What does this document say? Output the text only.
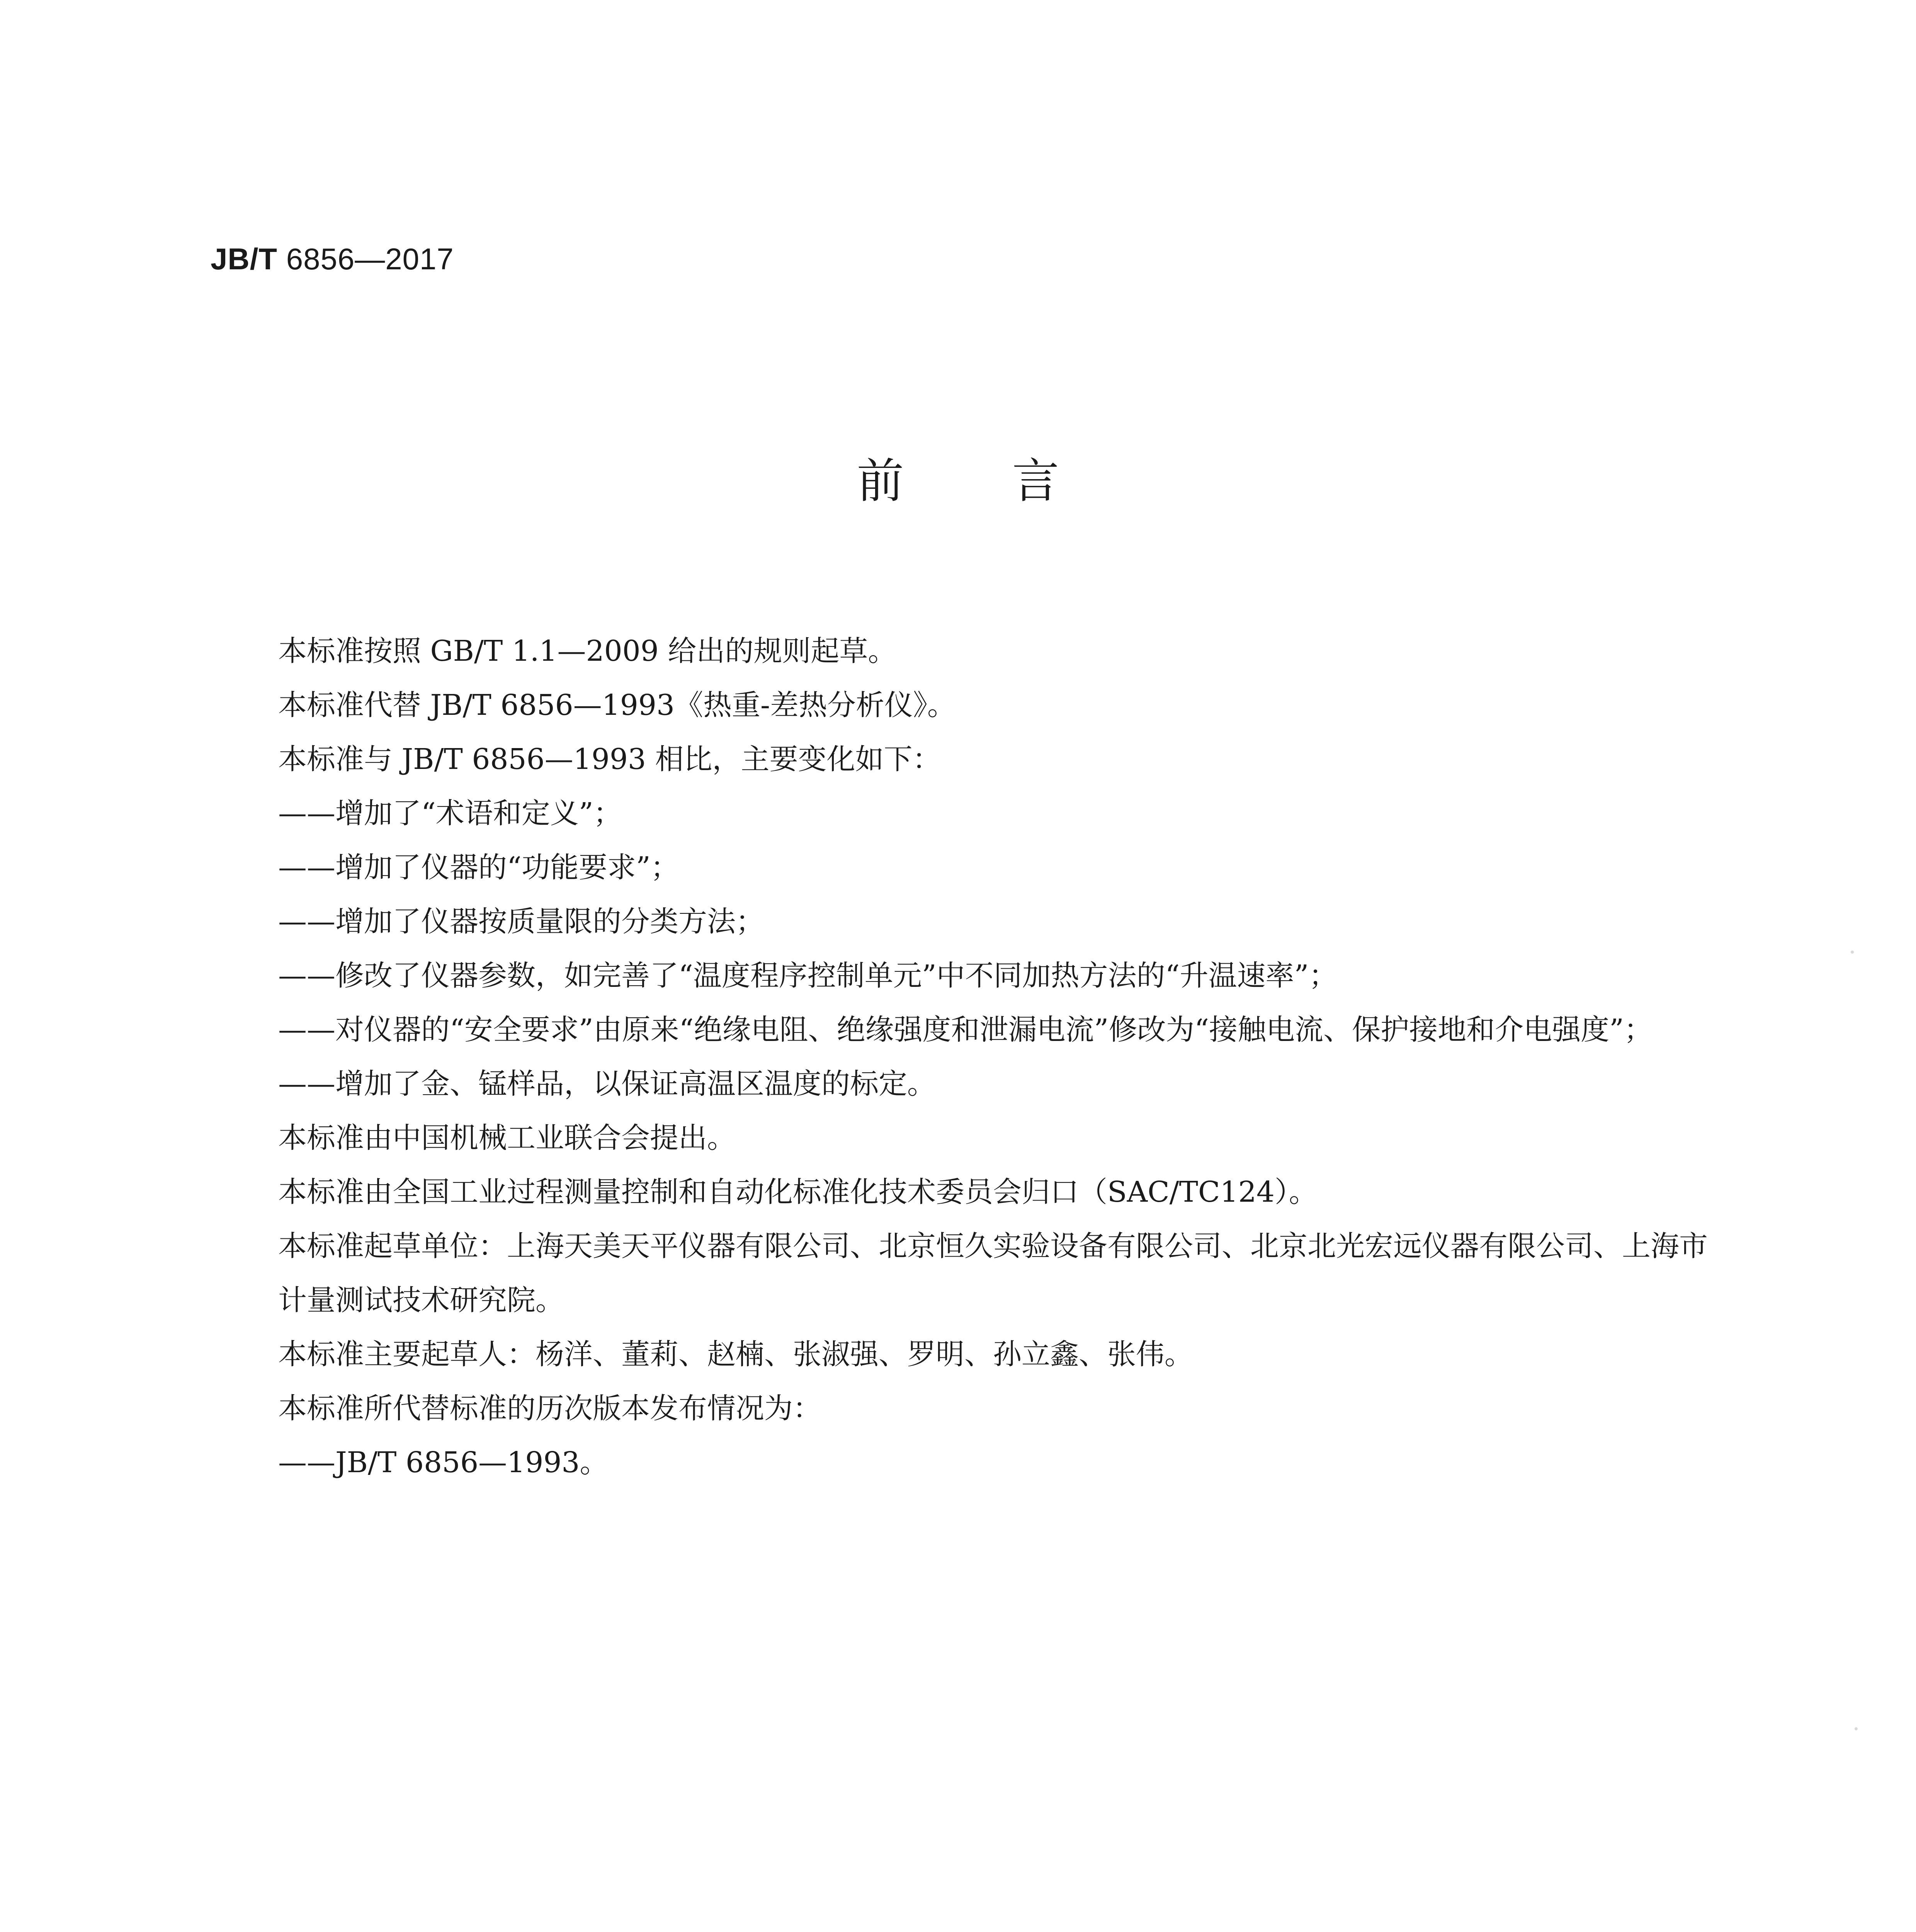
JB/T 6856—2017
前言

本标准按照 GB/T 1.1—2009 给出的规则起草。

本标准代替 JB/T 6856—1993《热重-差热分析仪》。

本标准与 JB/T 6856—1993 相比，主要变化如下：

——增加了“术语和定义”；

——增加了仪器的“功能要求”；

——增加了仪器按质量限的分类方法；

——修改了仪器参数，如完善了“温度程序控制单元”中不同加热方法的“升温速率”；

——对仪器的“安全要求”由原来“绝缘电阻、绝缘强度和泄漏电流”修改为“接触电流、保护接地和介电强度”；

——增加了金、锰样品，以保证高温区温度的标定。

本标准由中国机械工业联合会提出。

本标准由全国工业过程测量控制和自动化标准化技术委员会归口（SAC/TC124）。

本标准起草单位：上海天美天平仪器有限公司、北京恒久实验设备有限公司、北京北光宏远仪器有限公司、上海市计量测试技术研究院。

本标准主要起草人：杨洋、董莉、赵楠、张淑强、罗明、孙立鑫、张伟。

本标准所代替标准的历次版本发布情况为：

——JB/T 6856—1993。
